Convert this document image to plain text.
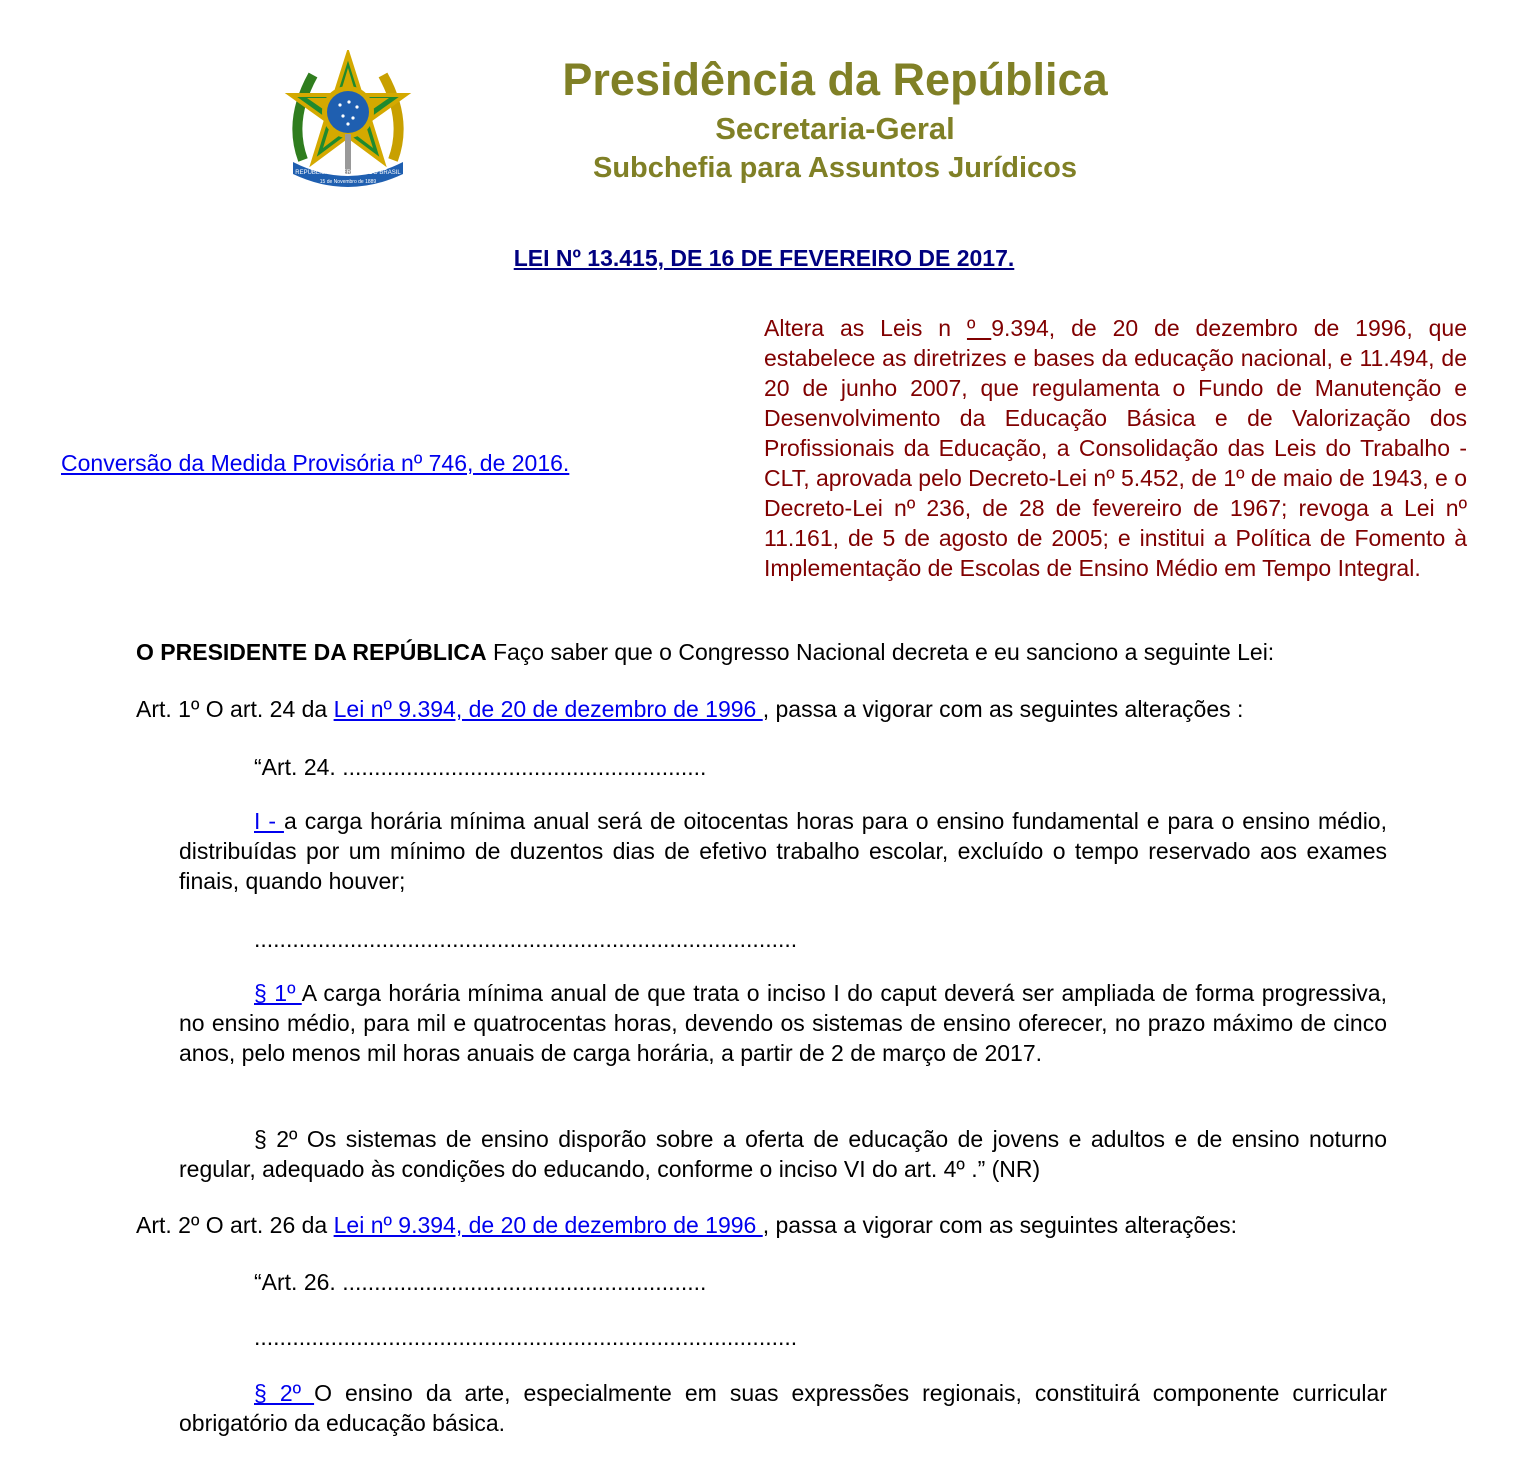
REPÚBLICA FEDERATIVA DO BRASIL
15 de Novembro de 1889
Presidência da República
Secretaria-Geral
Subchefia para Assuntos Jurídicos
LEI Nº 13.415, DE 16 DE FEVEREIRO DE 2017.
Conversão da Medida Provisória nº 746, de 2016.
Altera as Leis n º 9.394, de 20 de dezembro de 1996, que estabelece as diretrizes e bases da educação nacional, e 11.494, de 20 de junho 2007, que regulamenta o Fundo de Manutenção e Desenvolvimento da Educação Básica e de Valorização dos Profissionais da Educação, a Consolidação das Leis do Trabalho - CLT, aprovada pelo Decreto-Lei nº 5.452, de 1º de maio de 1943, e o Decreto-Lei nº 236, de 28 de fevereiro de 1967; revoga a Lei nº 11.161, de 5 de agosto de 2005; e institui a Política de Fomento à Implementação de Escolas de Ensino Médio em Tempo Integral.
O PRESIDENTE DA REPÚBLICA Faço saber que o Congresso Nacional decreta e eu sanciono a seguinte Lei:
Art. 1º O art. 24 da Lei nº 9.394, de 20 de dezembro de 1996 , passa a vigorar com as seguintes alterações :
“Art. 24. .........................................................
I - a carga horária mínima anual será de oitocentas horas para o ensino fundamental e para o ensino médio, distribuídas por um mínimo de duzentos dias de efetivo trabalho escolar, excluído o tempo reservado aos exames finais, quando houver;
.....................................................................................
§ 1º A carga horária mínima anual de que trata o inciso I do caput deverá ser ampliada de forma progressiva, no ensino médio, para mil e quatrocentas horas, devendo os sistemas de ensino oferecer, no prazo máximo de cinco anos, pelo menos mil horas anuais de carga horária, a partir de 2 de março de 2017.
§ 2º Os sistemas de ensino disporão sobre a oferta de educação de jovens e adultos e de ensino noturno regular, adequado às condições do educando, conforme o inciso VI do art. 4º .” (NR)
Art. 2º O art. 26 da Lei nº 9.394, de 20 de dezembro de 1996 , passa a vigorar com as seguintes alterações:
“Art. 26. .........................................................
.....................................................................................
§ 2º O ensino da arte, especialmente em suas expressões regionais, constituirá componente curricular obrigatório da educação básica.
